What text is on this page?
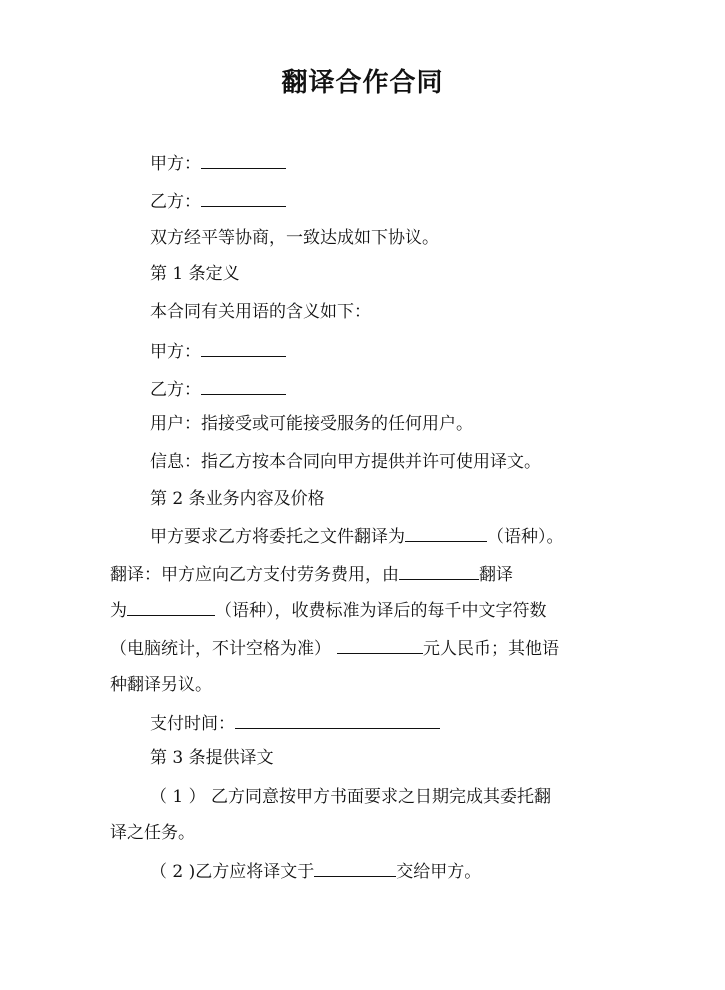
翻译合作合同
甲方：
乙方：
双方经平等协商，一致达成如下协议。
第 1 条定义
本合同有关用语的含义如下：
甲方：
乙方：
用户：指接受或可能接受服务的任何用户。
信息：指乙方按本合同向甲方提供并许可使用译文。
第 2 条业务内容及价格
甲方要求乙方将委托之文件翻译为	（语种）。
翻译：甲方应向乙方支付劳务费用，由	翻译
为	（语种），收费标准为译后的每千中文字符数
（电脑统计，不计空格为准）	元人民币；其他语
种翻译另议。
支付时间：
第 3 条提供译文
（ 1 ） 乙方同意按甲方书面要求之日期完成其委托翻
译之任务。
（ 2 )乙方应将译文于	交给甲方。
